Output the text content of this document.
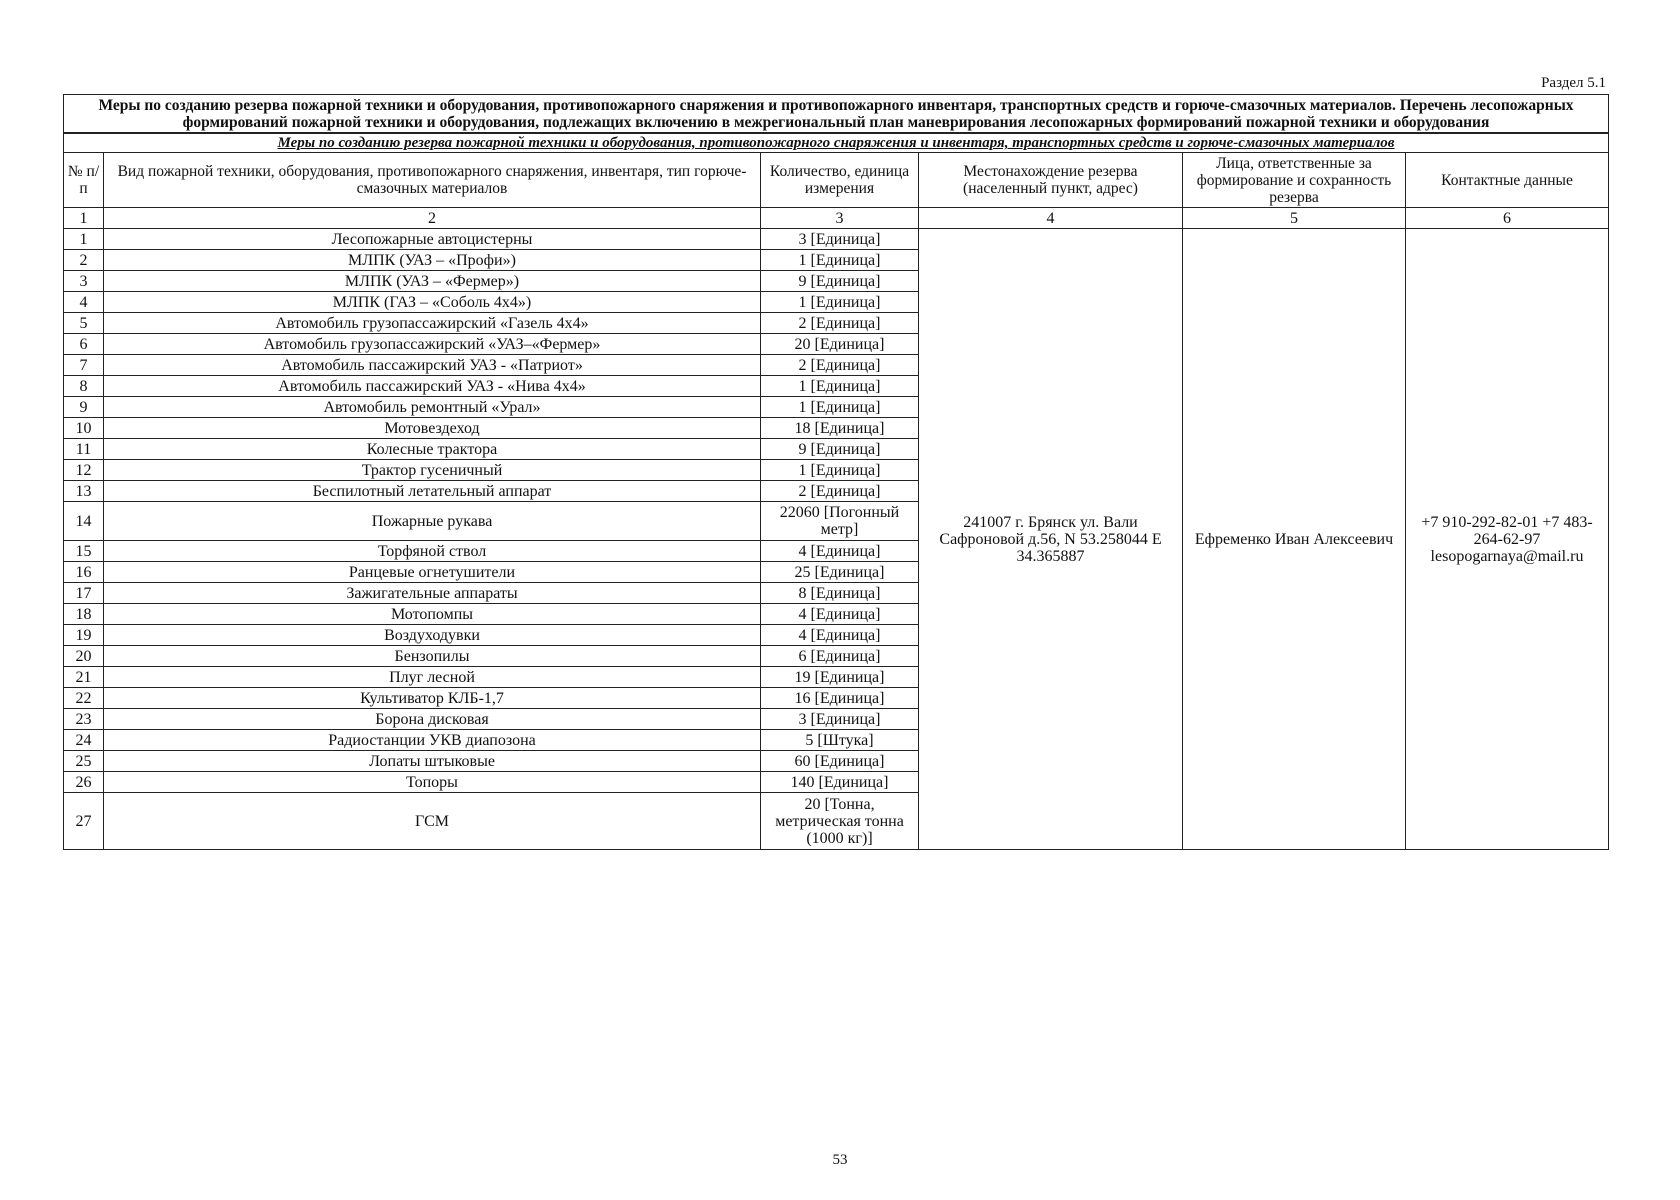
Раздел 5.1
Меры по созданию резерва пожарной техники и оборудования, противопожарного снаряжения и противопожарного инвентаря, транспортных средств и горюче-смазочных материалов. Перечень лесопожарных формирований пожарной техники и оборудования, подлежащих включению в межрегиональный план маневрирования лесопожарных формирований пожарной техники и оборудования					
Меры по созданию резерва пожарной техники и оборудования, противопожарного снаряжения и инвентаря, транспортных средств и горюче-смазочных материалов					
№ п/п	Вид пожарной техники, оборудования, противопожарного снаряжения, инвентаря, тип горюче-смазочных материалов	Количество, единица измерения	Местонахождение резерва (населенный пункт, адрес)	Лица, ответственные за формирование и сохранность резерва	Контактные данные
1	2	3	4	5	6
1	Лесопожарные автоцистерны	3 [Единица]	241007 г. Брянск ул. Вали Сафроновой д.56, N 53.258044 E 34.365887	Ефременко Иван Алексеевич	+7 910-292-82-01 +7 483-264-62-97 lesopogarnaya@mail.ru
2	МЛПК (УАЗ – «Профи»)	1 [Единица]			
3	МЛПК (УАЗ – «Фермер»)	9 [Единица]			
4	МЛПК (ГАЗ – «Соболь 4х4»)	1 [Единица]			
5	Автомобиль грузопассажирский «Газель 4х4»	2 [Единица]			
6	Автомобиль грузопассажирский «УАЗ–«Фермер»	20 [Единица]			
7	Автомобиль пассажирский УАЗ - «Патриот»	2 [Единица]			
8	Автомобиль пассажирский УАЗ - «Нива 4х4»	1 [Единица]			
9	Автомобиль ремонтный «Урал»	1 [Единица]			
10	Мотовездеход	18 [Единица]			
11	Колесные трактора	9 [Единица]			
12	Трактор гусеничный	1 [Единица]			
13	Беспилотный летательный аппарат	2 [Единица]			
14	Пожарные рукава	22060 [Погонный метр]			
15	Торфяной ствол	4 [Единица]			
16	Ранцевые огнетушители	25 [Единица]			
17	Зажигательные аппараты	8 [Единица]			
18	Мотопомпы	4 [Единица]			
19	Воздуходувки	4 [Единица]			
20	Бензопилы	6 [Единица]			
21	Плуг лесной	19 [Единица]			
22	Культиватор КЛБ-1,7	16 [Единица]			
23	Борона дисковая	3 [Единица]			
24	Радиостанции УКВ диапозона	5 [Штука]			
25	Лопаты штыковые	60 [Единица]			
26	Топоры	140 [Единица]			
27	ГСМ	20 [Тонна, метрическая тонна (1000 кг)]			
53
